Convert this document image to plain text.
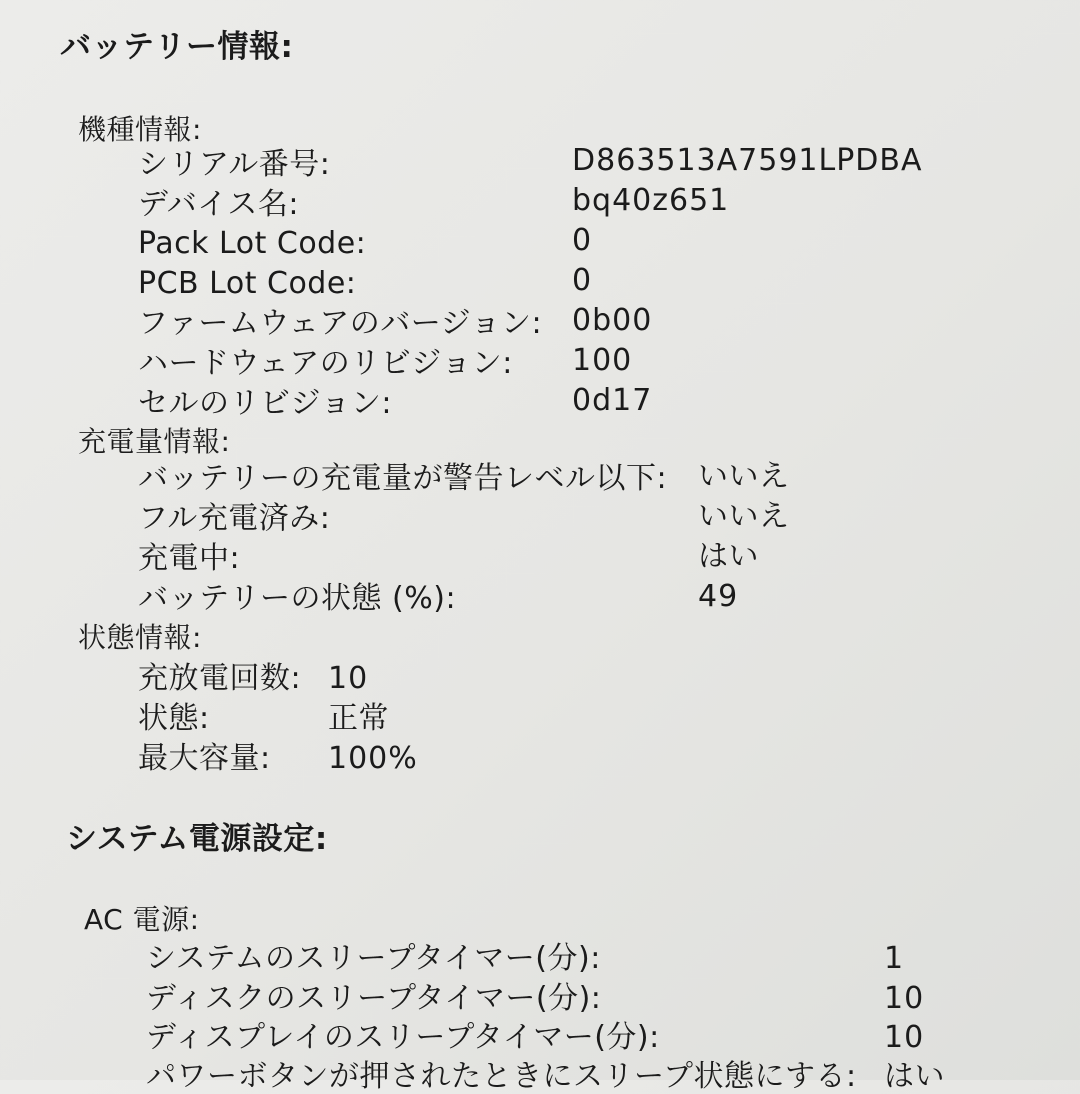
バッテリー情報:
機種情報:
シリアル番号:	D863513A7591LPDBA
デバイス名:	bq40z651
Pack Lot Code:	0
PCB Lot Code:	0
ファームウェアのバージョン: 0b00
ハードウェアのリビジョン: 100
セルのリビジョン:	0d17
充電量情報:
バッテリーの充電量が警告レベル以下: いいえ
フル充電済み:	いいえ
充電中:	はい
バッテリーの状態 (%):	49
状態情報:
充放電回数: 10
状態:	正常
最大容量: 100%
システム電源設定:
AC 電源:
システムのスリープタイマー(分):	1
ディスクのスリープタイマー(分):	10
ディスプレイのスリープタイマー(分):	10
パワーボタンが押されたときにスリープ状態にする: はい
